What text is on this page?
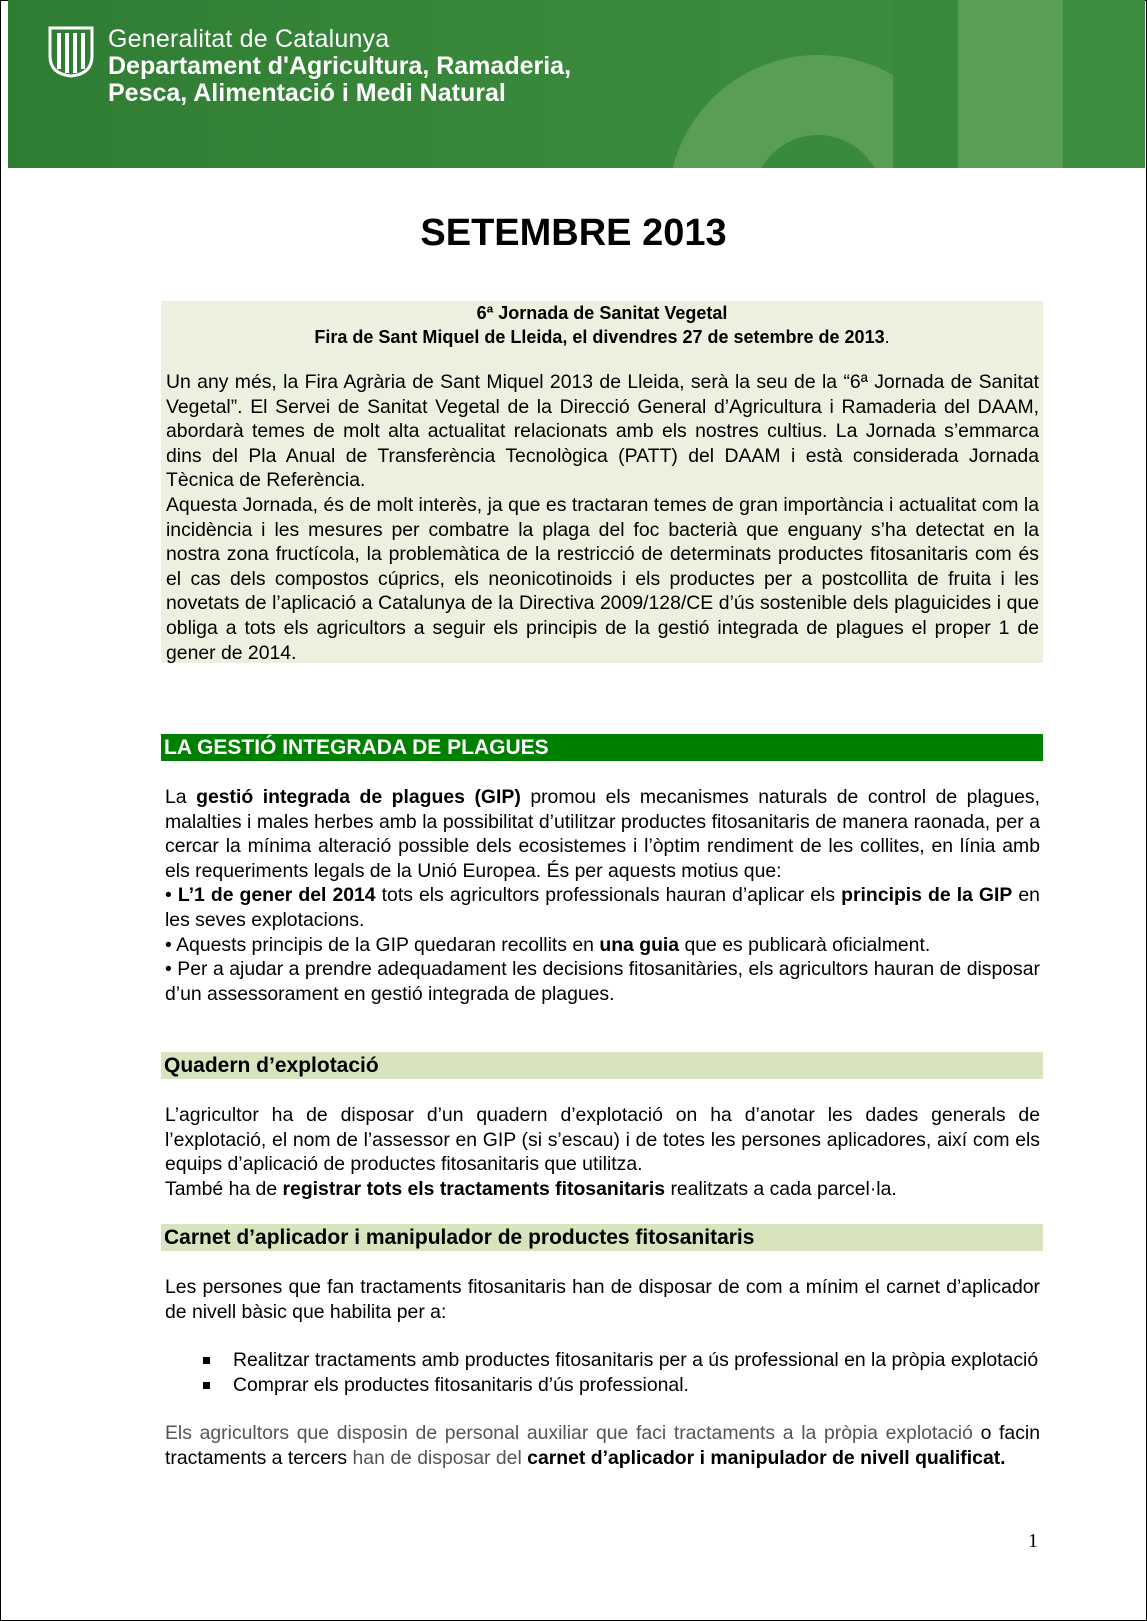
Generalitat de Catalunya
Departament d'Agricultura, Ramaderia,
Pesca, Alimentació i Medi Natural
SETEMBRE 2013
6ª Jornada de Sanitat Vegetal
Fira de Sant Miquel de Lleida, el divendres 27 de setembre de 2013.

Un any més, la Fira Agrària de Sant Miquel 2013 de Lleida, serà la seu de la “6ª Jornada de Sanitat Vegetal”. El Servei de Sanitat Vegetal de la Direcció General d’Agricultura i Ramaderia del DAAM, abordarà temes de molt alta actualitat relacionats amb els nostres cultius. La Jornada s’emmarca dins del Pla Anual de Transferència Tecnològica (PATT) del DAAM i està considerada Jornada Tècnica de Referència.

Aquesta Jornada, és de molt interès, ja que es tractaran temes de gran importància i actualitat com la incidència i les mesures per combatre la plaga del foc bacterià que enguany s’ha detectat en la nostra zona fructícola, la problemàtica de la restricció de determinats productes fitosanitaris com és el cas dels compostos cúprics, els neonicotinoids i els productes per a postcollita de fruita i les novetats de l’aplicació a Catalunya de la Directiva 2009/128/CE d’ús sostenible dels plaguicides i que obliga a tots els agricultors a seguir els principis de la gestió integrada de plagues el proper 1 de gener de 2014.

LA GESTIÓ INTEGRADA DE PLAGUES

La gestió integrada de plagues (GIP) promou els mecanismes naturals de control de plagues, malalties i males herbes amb la possibilitat d’utilitzar productes fitosanitaris de manera raonada, per a cercar la mínima alteració possible dels ecosistemes i l’òptim rendiment de les collites, en línia amb els requeriments legals de la Unió Europea. És per aquests motius que:

• L’1 de gener del 2014 tots els agricultors professionals hauran d’aplicar els principis de la GIP en les seves explotacions.

• Aquests principis de la GIP quedaran recollits en una guia que es publicarà oficialment.

• Per a ajudar a prendre adequadament les decisions fitosanitàries, els agricultors hauran de disposar d’un assessorament en gestió integrada de plagues.

Quadern d’explotació

L’agricultor ha de disposar d’un quadern d’explotació on ha d’anotar les dades generals de l’explotació, el nom de l’assessor en GIP (si s’escau) i de totes les persones aplicadores, així com els equips d’aplicació de productes fitosanitaris que utilitza.

També ha de registrar tots els tractaments fitosanitaris realitzats a cada parcel·la.

Carnet d’aplicador i manipulador de productes fitosanitaris

Les persones que fan tractaments fitosanitaris han de disposar de com a mínim el carnet d’aplicador de nivell bàsic que habilita per a:

Realitzar tractaments amb productes fitosanitaris per a ús professional en la pròpia explotació
Comprar els productes fitosanitaris d’ús professional.

Els agricultors que disposin de personal auxiliar que faci tractaments a la pròpia explotació o facin tractaments a tercers han de disposar del carnet d’aplicador i manipulador de nivell qualificat.

1
